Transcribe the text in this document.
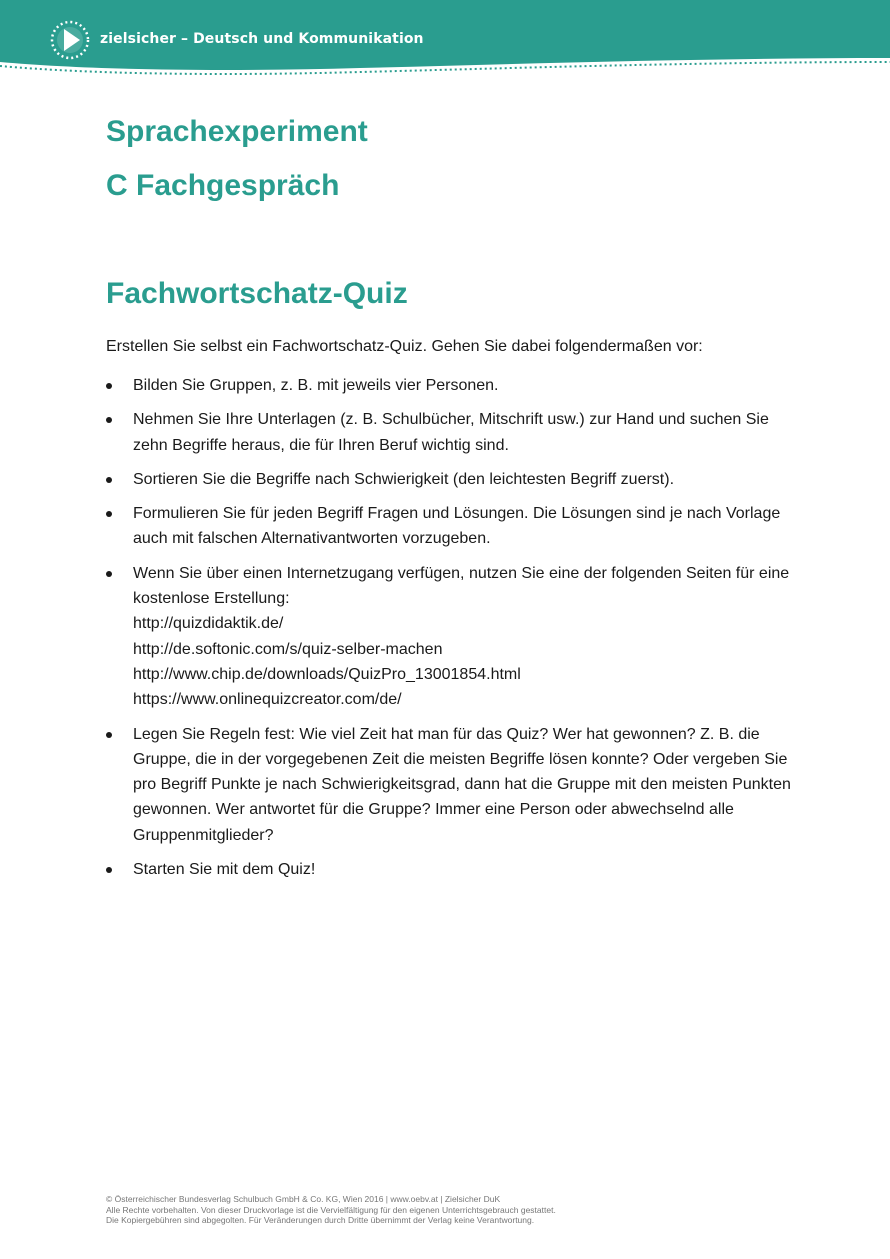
zielsicher – Deutsch und Kommunikation
Sprachexperiment
C Fachgespräch
Fachwortschatz-Quiz

Erstellen Sie selbst ein Fachwortschatz-Quiz. Gehen Sie dabei folgendermaßen vor:

Bilden Sie Gruppen, z. B. mit jeweils vier Personen.
Nehmen Sie Ihre Unterlagen (z. B. Schulbücher, Mitschrift usw.) zur Hand und suchen Sie zehn Begriffe heraus, die für Ihren Beruf wichtig sind.
Sortieren Sie die Begriffe nach Schwierigkeit (den leichtesten Begriff zuerst).
Formulieren Sie für jeden Begriff Fragen und Lösungen. Die Lösungen sind je nach Vorlage auch mit falschen Alternativantworten vorzugeben.
Wenn Sie über einen Internetzugang verfügen, nutzen Sie eine der folgenden Seiten für eine kostenlose Erstellung:
http://quizdidaktik.de/
http://de.softonic.com/s/quiz-selber-machen
http://www.chip.de/downloads/QuizPro_13001854.html
https://www.onlinequizcreator.com/de/
Legen Sie Regeln fest: Wie viel Zeit hat man für das Quiz? Wer hat gewonnen? Z. B. die Gruppe, die in der vorgegebenen Zeit die meisten Begriffe lösen konnte? Oder vergeben Sie pro Begriff Punkte je nach Schwierigkeitsgrad, dann hat die Gruppe mit den meisten Punkten gewonnen. Wer antwortet für die Gruppe? Immer eine Person oder abwechselnd alle Gruppenmitglieder?
Starten Sie mit dem Quiz!
© Österreichischer Bundesverlag Schulbuch GmbH & Co. KG, Wien 2016 | www.oebv.at | Zielsicher DuK
Alle Rechte vorbehalten. Von dieser Druckvorlage ist die Vervielfältigung für den eigenen Unterrichtsgebrauch gestattet.
Die Kopiergebühren sind abgegolten. Für Veränderungen durch Dritte übernimmt der Verlag keine Verantwortung.
